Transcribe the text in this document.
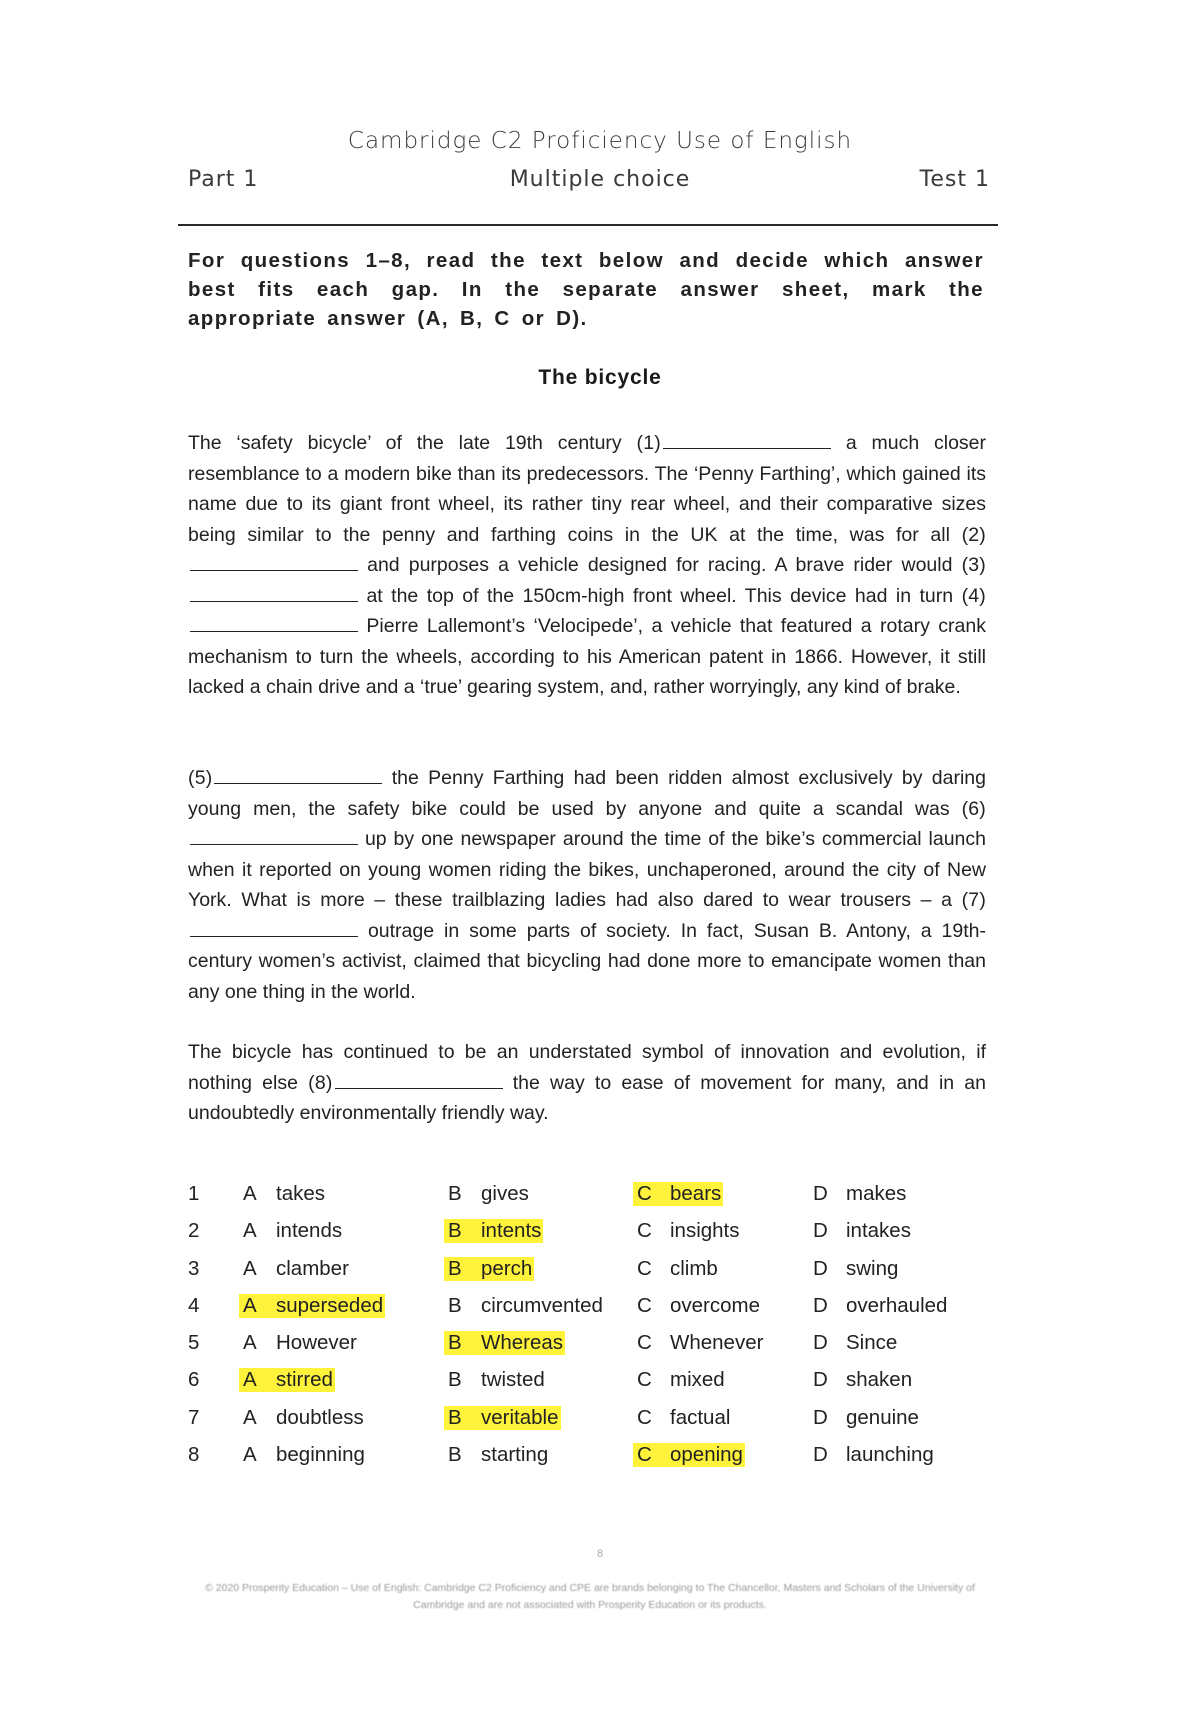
Cambridge C2 Proficiency Use of English
Part 1	Multiple choice	Test 1
For questions 1–8, read the text below and decide which answer best fits each gap. In the separate answer sheet, mark the appropriate answer (A, B, C or D).
The bicycle
The ‘safety bicycle’ of the late 19th century (1)	a much closer resemblance to a modern bike than its predecessors. The ‘Penny Farthing’, which gained its name due to its giant front wheel, its rather tiny rear wheel, and their comparative sizes being similar to the penny and farthing coins in the UK at the time, was for all (2) and purposes a vehicle designed for racing. A brave rider would (3) at the top of the 150cm-high front wheel. This device had in turn (4) Pierre Lallemont’s ‘Velocipede’, a vehicle that featured a rotary crank mechanism to turn the wheels, according to his American patent in 1866. However, it still lacked a chain drive and a ‘true’ gearing system, and, rather worryingly, any kind of brake.
(5)	the Penny Farthing had been ridden almost exclusively by daring young men, the safety bike could be used by anyone and quite a scandal was (6) up by one newspaper around the time of the bike’s commercial launch when it reported on young women riding the bikes, unchaperoned, around the city of New York. What is more – these trailblazing ladies had also dared to wear trousers – a (7) outrage in some parts of society. In fact, Susan B. Antony, a 19th-century women’s activist, claimed that bicycling had done more to emancipate women than any one thing in the world.
The bicycle has continued to be an understated symbol of innovation and evolution, if nothing else (8)	the way to ease of movement for many, and in an undoubtedly environmentally friendly way.
1 A takes	B gives	C bears	D makes
2 A intends	B intents	C insights	D intakes
3 A clamber	B perch	C climb	D swing
4 A superseded	B circumvented C overcome	D overhauled
5 A However	B Whereas	C Whenever D Since
6 A stirred	B twisted	C mixed	D shaken
7 A doubtless	B veritable	C factual	D genuine
8 A beginning	B starting	C opening	D launching
8
© 2020 Prosperity Education – Use of English: Cambridge C2 Proficiency and CPE are brands belonging to The Chancellor, Masters and Scholars of the University of Cambridge and are not associated with Prosperity Education or its products.
